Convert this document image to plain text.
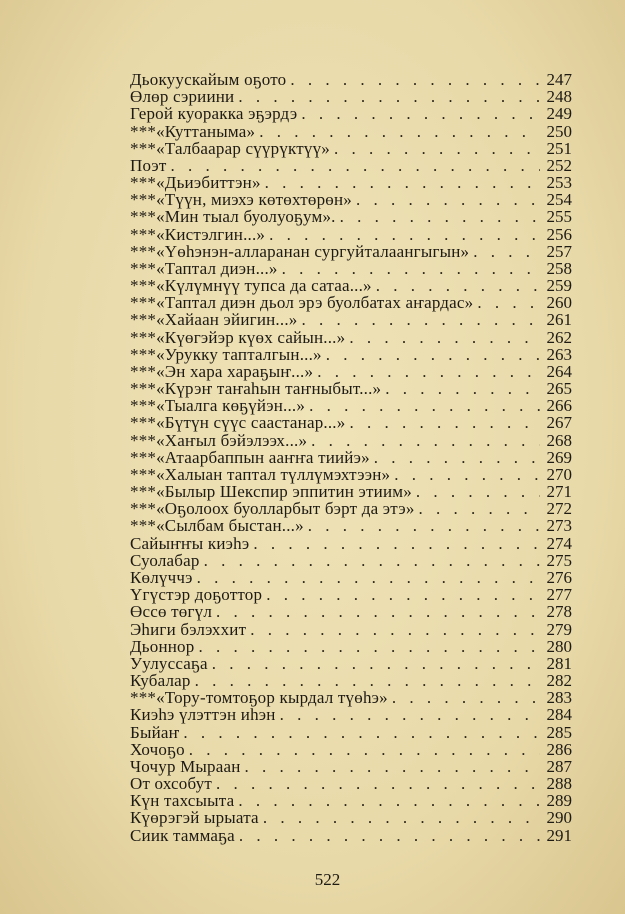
Дьокуускайым оҕото . . .	247
Өлөр сэриини . . .	248
Герой куоракка эҕэрдэ . . .	249
***«Куттаныма» . . .	250
***«Талбаарар сүүрүктүү» . . .	251
Поэт . . .	252
***«Дьиэбиттэн» . . .	253
***«Түүн, миэхэ көтөхтөрөн» . . .	254
***«Мин тыал буолуоҕум». . . .	255
***«Кистэлгин...» . . .	256
***«Үөһэнэн-алларанан сургуйталаангыгын» . . .	257
***«Таптал диэн...» . . .	258
***«Күлүмнүү тупса да сатаа...» . . .	259
***«Таптал диэн дьол эрэ буолбатах аҥардас» . . .	260
***«Хайаан эйигин...» . . .	261
***«Күөгэйэр күөх сайын...» . . .	262
***«Урукку тапталгын...» . . .	263
***«Эн хара хараҕыҥ...» . . .	264
***«Күрэҥ таҥаһын таҥныбыт...» . . .	265
***«Тыалга көҕүйэн...» . . .	266
***«Бүтүн сүүс саастанар...» . . .	267
***«Хаҥыл бэйэлээх...» . . .	268
***«Атаарбаппын ааҥҥа тиийэ» . . .	269
***«Халыан таптал түллүмэхтээн» . . .	270
***«Былыр Шекспир эппитин этиим» . . .	271
***«Оҕолоох буолларбыт бэрт да этэ» . . .	272
***«Сылбам быстан...» . . .	273
Сайыҥҥы киэһэ . . .	274
Суолабар . . .	275
Көлүччэ . . .	276
Үгүстэр доҕоттор . . .	277
Өссө төгүл . . .	278
Эһиги бэлэххит . . .	279
Дьоннор . . .	280
Уулуссаҕа . . .	281
Кубалар . . .	282
***«Тору-томтоҕор кырдал түөһэ» . . .	283
Киэһэ үлэттэн иһэн . . .	284
Быйаҥ . . .	285
Хочоҕо . . .	286
Чочур Мыраан . . .	287
От охсобут . . .	288
Күн тахсыыта . . .	289
Күөрэгэй ырыата . . .	290
Сиик таммаҕа . . .	291
522
